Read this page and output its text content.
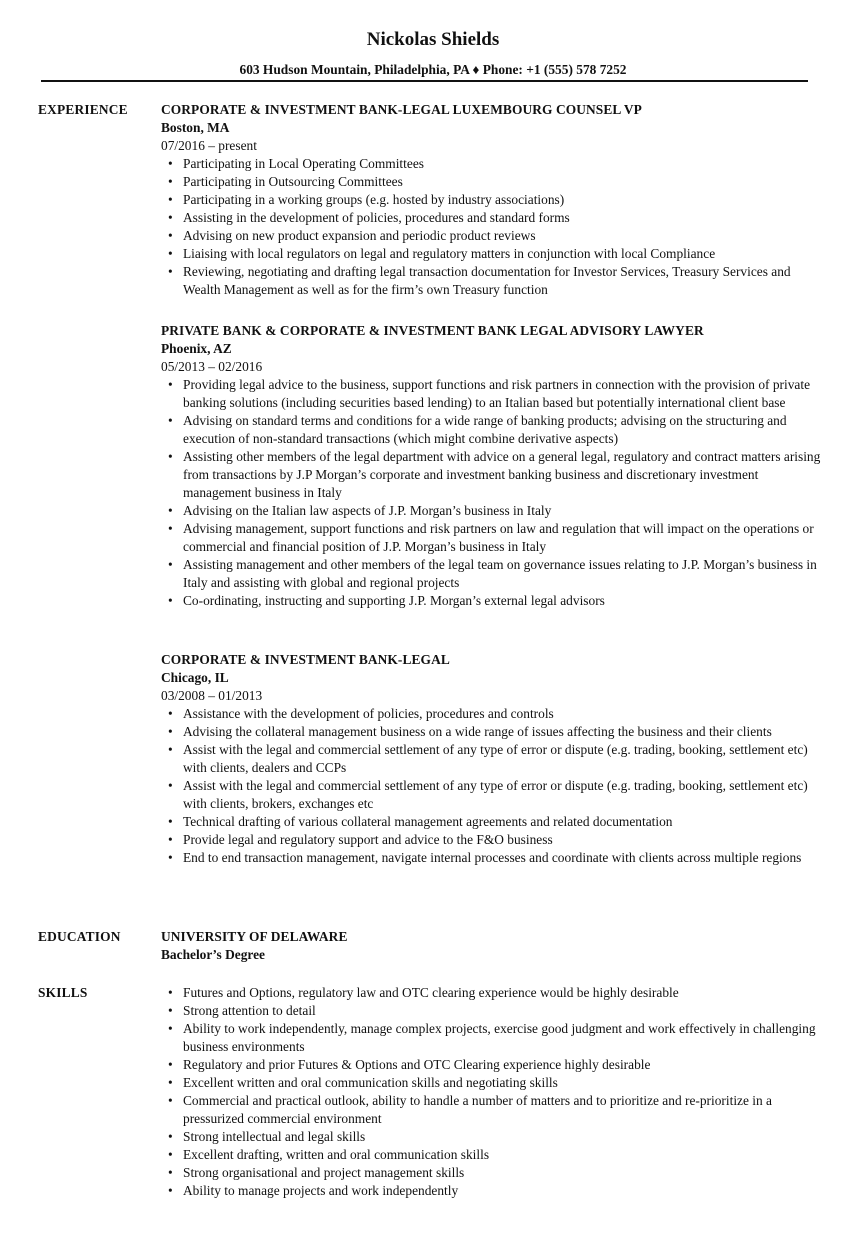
Nickolas Shields
603 Hudson Mountain, Philadelphia, PA ♦ Phone: +1 (555) 578 7252
EXPERIENCE CORPORATE & INVESTMENT BANK-LEGAL LUXEMBOURG COUNSEL VP
Boston, MA
07/2016 – present
• Participating in Local Operating Committees
• Participating in Outsourcing Committees
• Participating in a working groups (e.g. hosted by industry associations)
• Assisting in the development of policies, procedures and standard forms
• Advising on new product expansion and periodic product reviews
• Liaising with local regulators on legal and regulatory matters in conjunction with local Compliance
• Reviewing, negotiating and drafting legal transaction documentation for Investor Services, Treasury Services and Wealth Management as well as for the firm’s own Treasury function
PRIVATE BANK & CORPORATE & INVESTMENT BANK LEGAL ADVISORY LAWYER
Phoenix, AZ
05/2013 – 02/2016
• Providing legal advice to the business, support functions and risk partners in connection with the provision of private banking solutions (including securities based lending) to an Italian based but potentially international client base
• Advising on standard terms and conditions for a wide range of banking products; advising on the structuring and execution of non-standard transactions (which might combine derivative aspects)
• Assisting other members of the legal department with advice on a general legal, regulatory and contract matters arising from transactions by J.P Morgan’s corporate and investment banking business and discretionary investment management business in Italy
• Advising on the Italian law aspects of J.P. Morgan’s business in Italy
• Advising management, support functions and risk partners on law and regulation that will impact on the operations or commercial and financial position of J.P. Morgan’s business in Italy
• Assisting management and other members of the legal team on governance issues relating to J.P. Morgan’s business in Italy and assisting with global and regional projects
• Co-ordinating, instructing and supporting J.P. Morgan’s external legal advisors
CORPORATE & INVESTMENT BANK-LEGAL
Chicago, IL
03/2008 – 01/2013
• Assistance with the development of policies, procedures and controls
• Advising the collateral management business on a wide range of issues affecting the business and their clients
• Assist with the legal and commercial settlement of any type of error or dispute (e.g. trading, booking, settlement etc) with clients, dealers and CCPs
• Assist with the legal and commercial settlement of any type of error or dispute (e.g. trading, booking, settlement etc) with clients, brokers, exchanges etc
• Technical drafting of various collateral management agreements and related documentation
• Provide legal and regulatory support and advice to the F&O business
• End to end transaction management, navigate internal processes and coordinate with clients across multiple regions
EDUCATION	UNIVERSITY OF DELAWARE
Bachelor’s Degree
SKILLS
•	Futures and Options, regulatory law and OTC clearing experience would be highly desirable
• Strong attention to detail
• Ability to work independently, manage complex projects, exercise good judgment and work effectively in challenging business environments
• Regulatory and prior Futures & Options and OTC Clearing experience highly desirable
• Excellent written and oral communication skills and negotiating skills
• Commercial and practical outlook, ability to handle a number of matters and to prioritize and re-prioritize in a pressurized commercial environment
• Strong intellectual and legal skills
• Excellent drafting, written and oral communication skills
• Strong organisational and project management skills
• Ability to manage projects and work independently
